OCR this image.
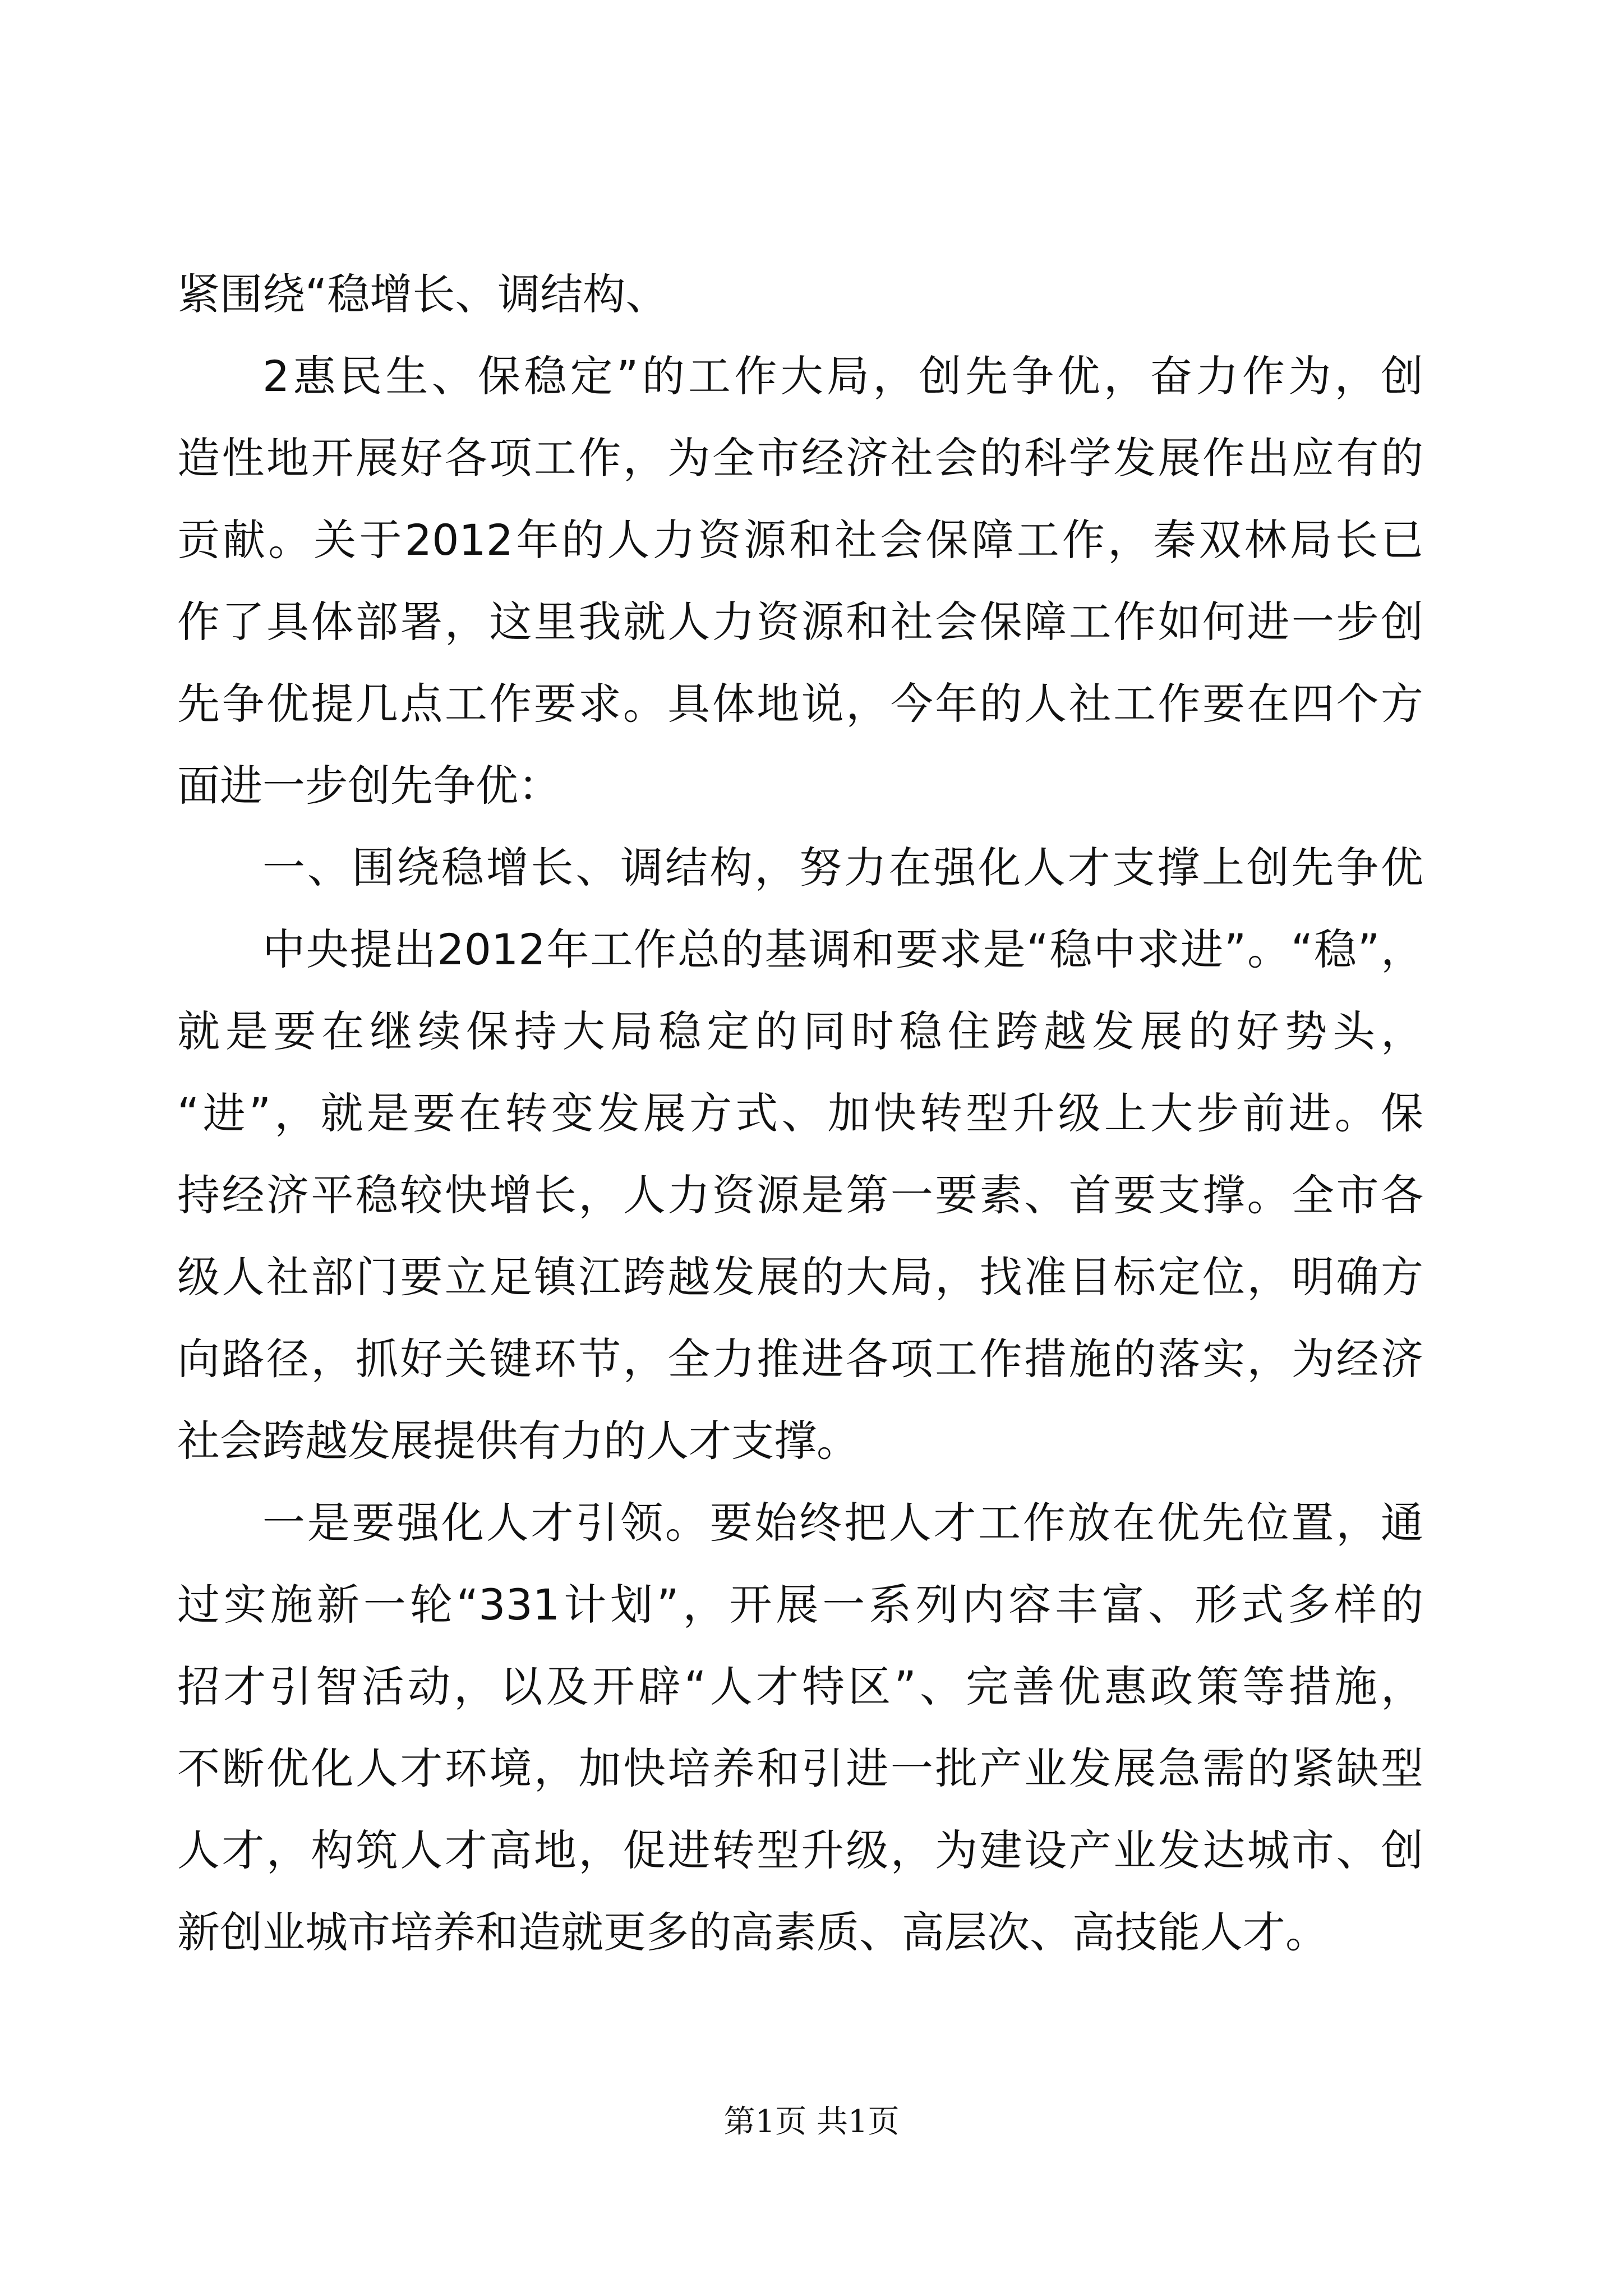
紧围绕“稳增长、调结构、
2惠民生、保稳定”的工作大局，创先争优，奋力作为，创
造性地开展好各项工作，为全市经济社会的科学发展作出应有的
贡献。关于2012年的人力资源和社会保障工作，秦双林局长已
作了具体部署，这里我就人力资源和社会保障工作如何进一步创
先争优提几点工作要求。具体地说，今年的人社工作要在四个方
面进一步创先争优：
一、围绕稳增长、调结构，努力在强化人才支撑上创先争优
中央提出2012年工作总的基调和要求是“稳中求进”。“稳”，
就是要在继续保持大局稳定的同时稳住跨越发展的好势头，
“进”，就是要在转变发展方式、加快转型升级上大步前进。保
持经济平稳较快增长，人力资源是第一要素、首要支撑。全市各
级人社部门要立足镇江跨越发展的大局，找准目标定位，明确方
向路径，抓好关键环节，全力推进各项工作措施的落实，为经济
社会跨越发展提供有力的人才支撑。
一是要强化人才引领。要始终把人才工作放在优先位置，通
过实施新一轮“331计划”，开展一系列内容丰富、形式多样的
招才引智活动，以及开辟“人才特区”、完善优惠政策等措施，
不断优化人才环境，加快培养和引进一批产业发展急需的紧缺型
人才，构筑人才高地，促进转型升级，为建设产业发达城市、创
新创业城市培养和造就更多的高素质、高层次、高技能人才。
第1页 共1页
